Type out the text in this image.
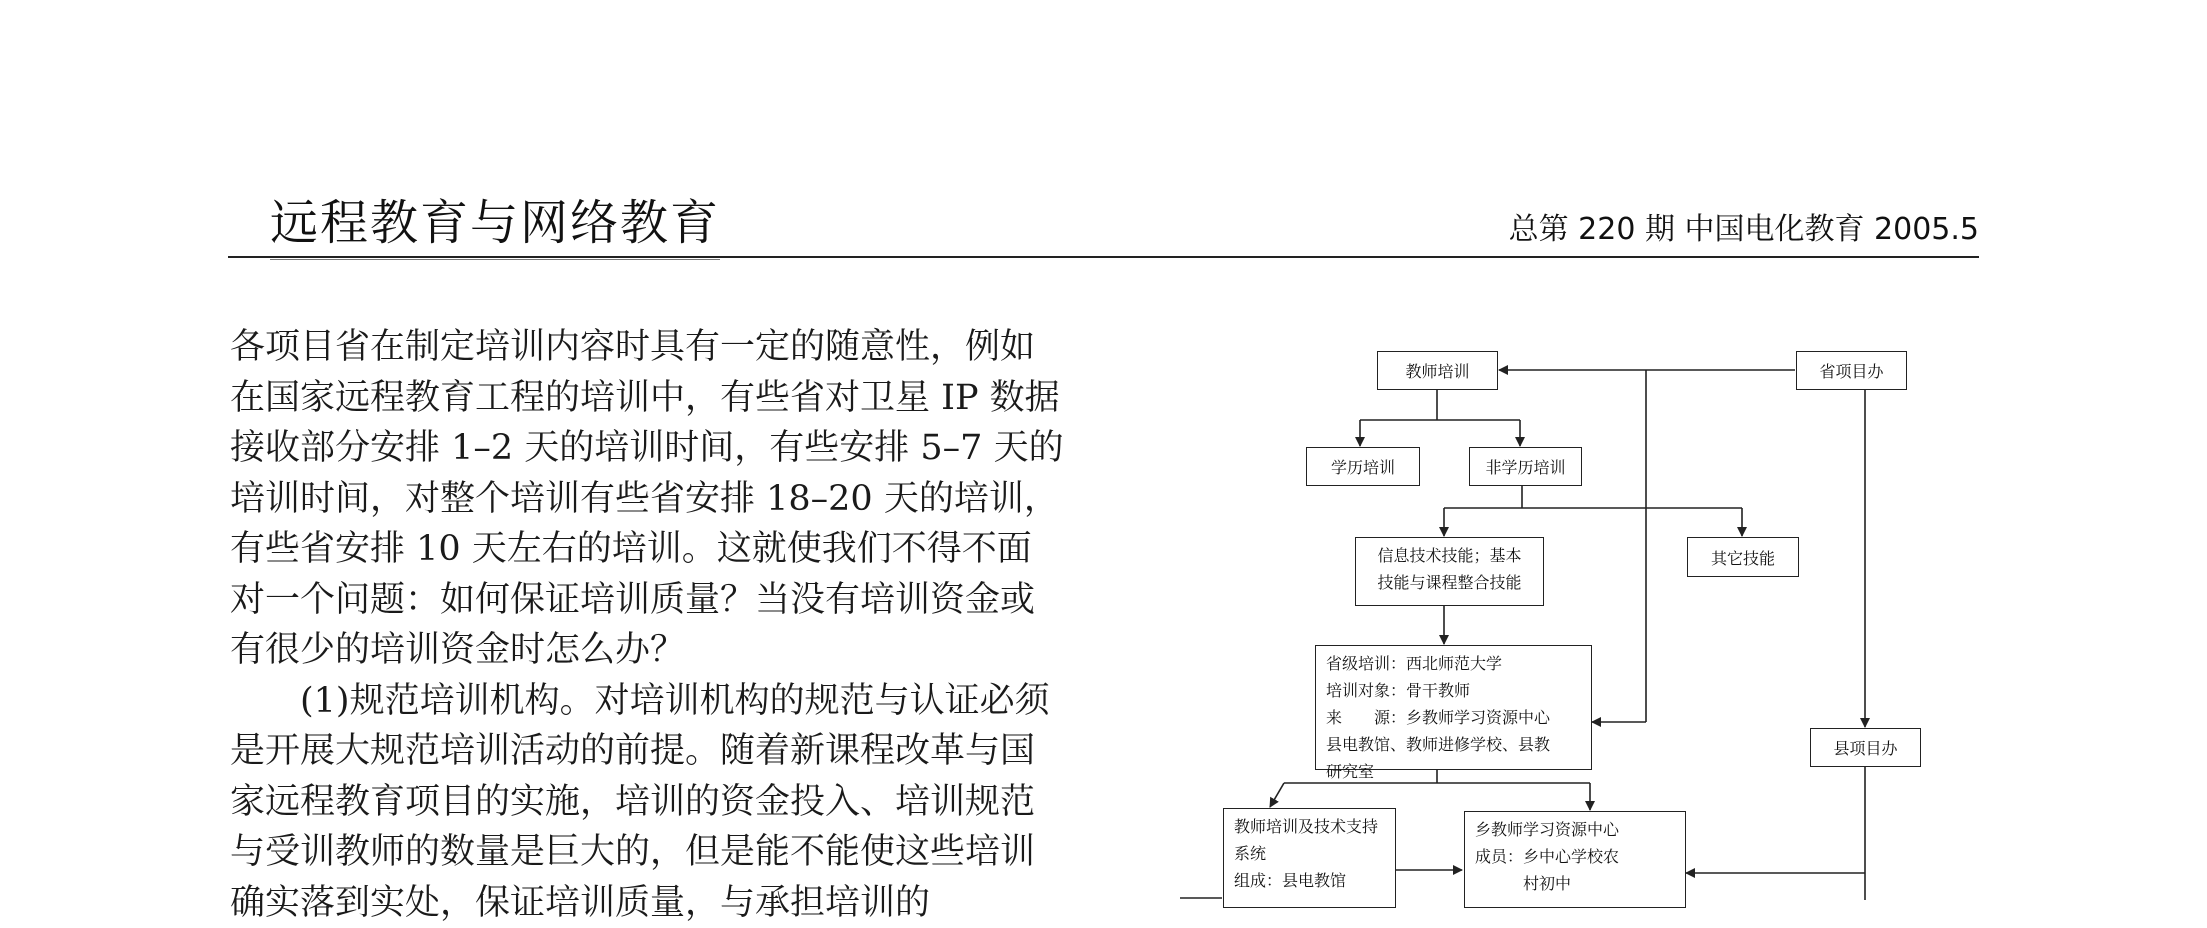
远程教育与网络教育	总第 220 期 中国电化教育 2005.5

各项目省在制定培训内容时具有一定的随意性，例如在国家远程教育工程的培训中，有些省对卫星 IP 数据接收部分安排 1–2 天的培训时间，有些安排 5–7 天的培训时间，对整个培训有些省安排 18–20 天的培训，有些省安排 10 天左右的培训。这就使我们不得不面对一个问题：如何保证培训质量？当没有培训资金或有很少的培训资金时怎么办？

(1)规范培训机构。对培训机构的规范与认证必须是开展大规范培训活动的前提。随着新课程改革与国家远程教育项目的实施，培训的资金投入、培训规范与受训教师的数量是巨大的，但是能不能使这些培训确实落到实处，保证培训质量，与承担培训的

教师培训	省项目办
学历培训	非学历培训
信息技术技能；基本
技能与课程整合技能
其它技能
省级培训：西北师范大学
培训对象：骨干教师
来　　源：乡教师学习资源中心
县电教馆、教师进修学校、县教
研究室
县项目办
教师培训及技术支持
系统
组成：县电教馆
乡教师学习资源中心
成员：乡中心学校农
　　　村初中
